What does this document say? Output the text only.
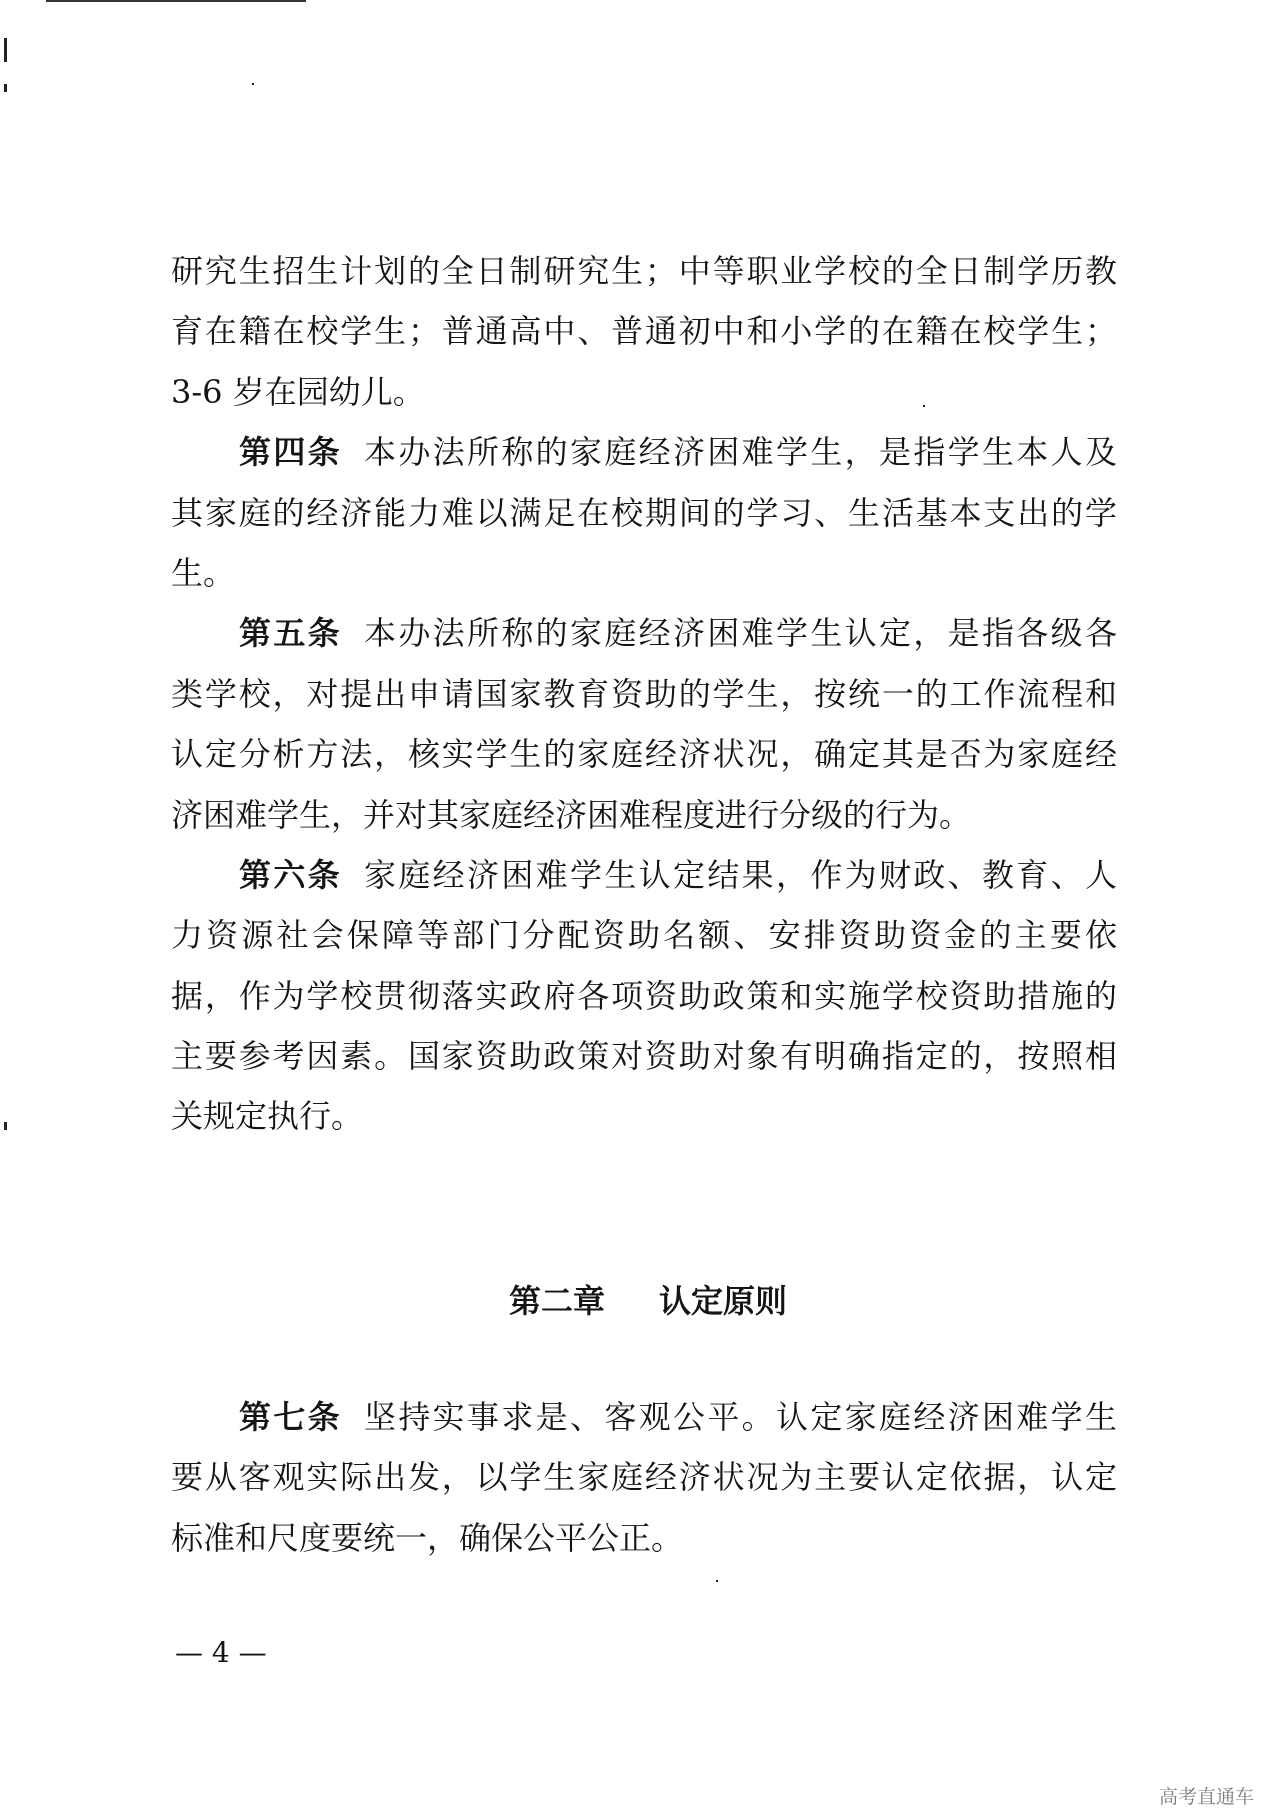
研究生招生计划的全日制研究生；中等职业学校的全日制学历教
育在籍在校学生；普通高中、普通初中和小学的在籍在校学生；
3-6 岁在园幼儿。
第四条 本办法所称的家庭经济困难学生，是指学生本人及
其家庭的经济能力难以满足在校期间的学习、生活基本支出的学
生。
第五条 本办法所称的家庭经济困难学生认定，是指各级各
类学校，对提出申请国家教育资助的学生，按统一的工作流程和
认定分析方法，核实学生的家庭经济状况，确定其是否为家庭经
济困难学生，并对其家庭经济困难程度进行分级的行为。
第六条 家庭经济困难学生认定结果，作为财政、教育、人
力资源社会保障等部门分配资助名额、安排资助资金的主要依
据，作为学校贯彻落实政府各项资助政策和实施学校资助措施的
主要参考因素。国家资助政策对资助对象有明确指定的，按照相
关规定执行。
第二章 认定原则
第七条 坚持实事求是、客观公平。认定家庭经济困难学生
要从客观实际出发，以学生家庭经济状况为主要认定依据，认定
标准和尺度要统一，确保公平公正。
— 4 —
高考直通车
